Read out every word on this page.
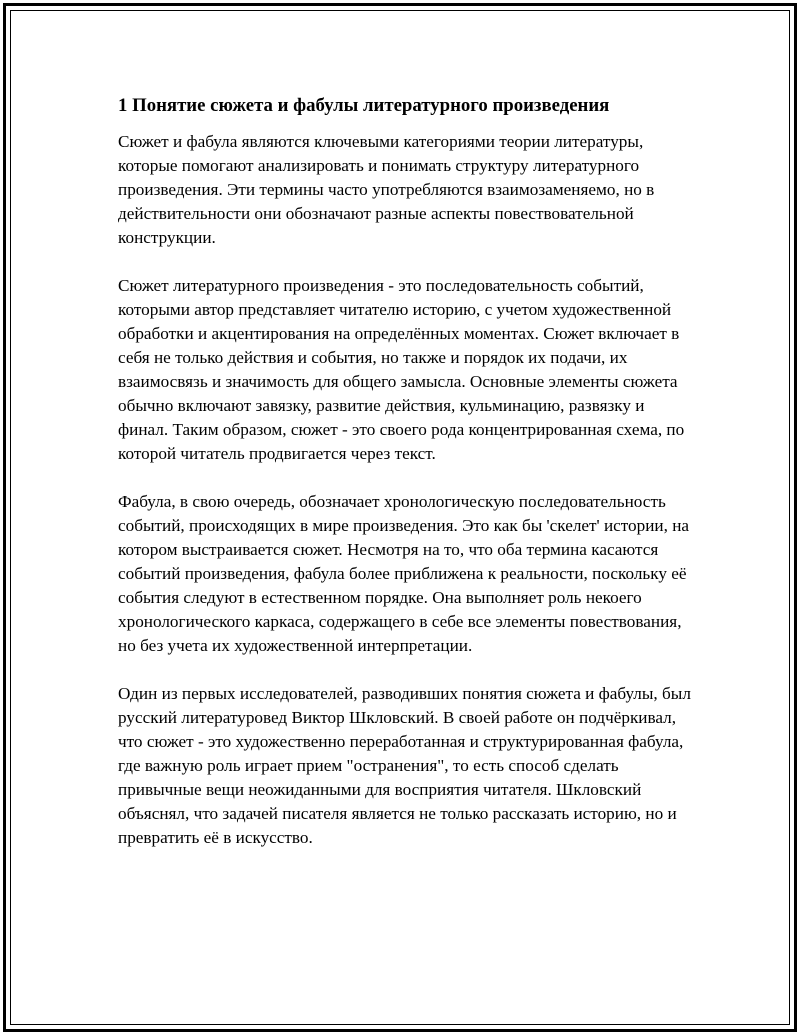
1 Понятие сюжета и фабулы литературного произведения

Сюжет и фабула являются ключевыми категориями теории литературы, которые помогают анализировать и понимать структуру литературного произведения. Эти термины часто употребляются взаимозаменяемо, но в действительности они обозначают разные аспекты повествовательной конструкции.

Сюжет литературного произведения - это последовательность событий, которыми автор представляет читателю историю, с учетом художественной обработки и акцентирования на определённых моментах. Сюжет включает в себя не только действия и события, но также и порядок их подачи, их взаимосвязь и значимость для общего замысла. Основные элементы сюжета обычно включают завязку, развитие действия, кульминацию, развязку и финал. Таким образом, сюжет - это своего рода концентрированная схема, по которой читатель продвигается через текст.

Фабула, в свою очередь, обозначает хронологическую последовательность событий, происходящих в мире произведения. Это как бы 'скелет' истории, на котором выстраивается сюжет. Несмотря на то, что оба термина касаются событий произведения, фабула более приближена к реальности, поскольку её события следуют в естественном порядке. Она выполняет роль некоего хронологического каркаса, содержащего в себе все элементы повествования, но без учета их художественной интерпретации.

Один из первых исследователей, разводивших понятия сюжета и фабулы, был русский литературовед Виктор Шкловский. В своей работе он подчёркивал, что сюжет - это художественно переработанная и структурированная фабула, где важную роль играет прием "остранения", то есть способ сделать привычные вещи неожиданными для восприятия читателя. Шкловский объяснял, что задачей писателя является не только рассказать историю, но и превратить её в искусство.
